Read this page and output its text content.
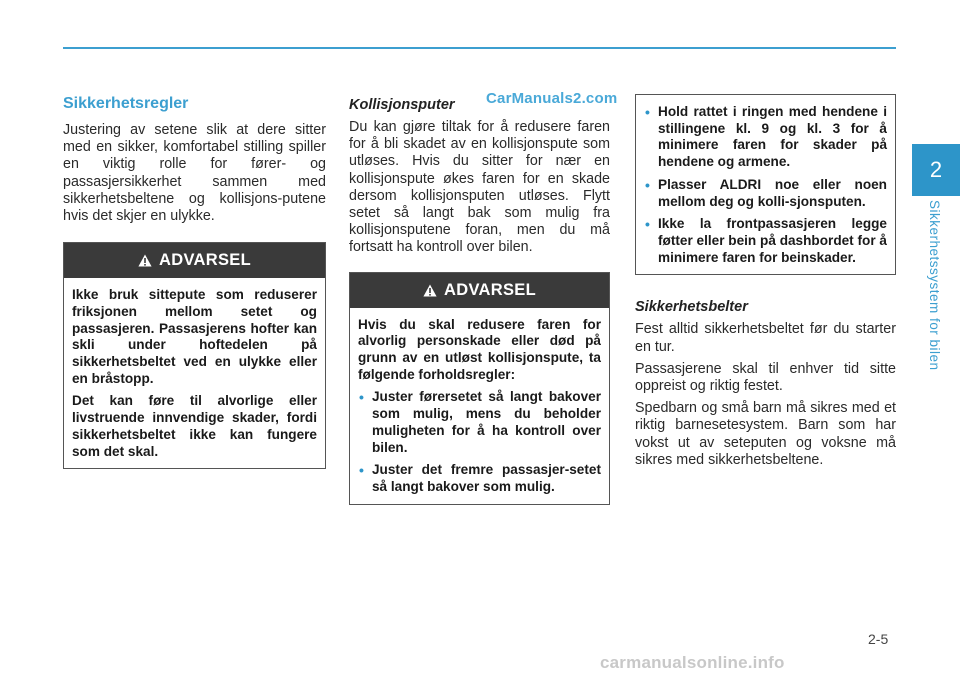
2
Sikkerhetssystem for bilen
Sikkerhetsregler

Justering av setene slik at dere sitter med en sikker, komfortabel stilling spiller en viktig rolle for fører- og passasjersikkerhet sammen med sikkerhetsbeltene og kollisjons-putene hvis det skjer en ulykke.

ADVARSEL

Ikke bruk sittepute som reduserer friksjonen mellom setet og passasjeren. Passasjerens hofter kan skli under hoftedelen på sikkerhetsbeltet ved en ulykke eller en bråstopp.

Det kan føre til alvorlige eller livstruende innvendige skader, fordi sikkerhetsbeltet ikke kan fungere som det skal.

Kollisjonsputer

Du kan gjøre tiltak for å redusere faren for å bli skadet av en kollisjonspute som utløses. Hvis du sitter for nær en kollisjonspute økes faren for en skade dersom kollisjonsputen utløses. Flytt setet så langt bak som mulig fra kollisjonsputene foran, men du må fortsatt ha kontroll over bilen.

ADVARSEL

Hvis du skal redusere faren for alvorlig personskade eller død på grunn av en utløst kollisjonspute, ta følgende forholdsregler:

• Juster førersetet så langt bakover som mulig, mens du beholder muligheten for å ha kontroll over bilen.
• Juster det fremre passasjer-setet så langt bakover som mulig.
• Hold rattet i ringen med hendene i stillingene kl. 9 og kl. 3 for å minimere faren for skader på hendene og armene.
• Plasser ALDRI noe eller noen mellom deg og kolli-sjonsputen.
• Ikke la frontpassasjeren legge føtter eller bein på dashbordet for å minimere faren for beinskader.
Sikkerhetsbelter

Fest alltid sikkerhetsbeltet før du starter en tur.

Passasjerene skal til enhver tid sitte oppreist og riktig festet.

Spedbarn og små barn må sikres med et riktig barnesetesystem. Barn som har vokst ut av seteputen og voksne må sikres med sikkerhetsbeltene.

CarManuals2.com
2-5
carmanualsonline.info
